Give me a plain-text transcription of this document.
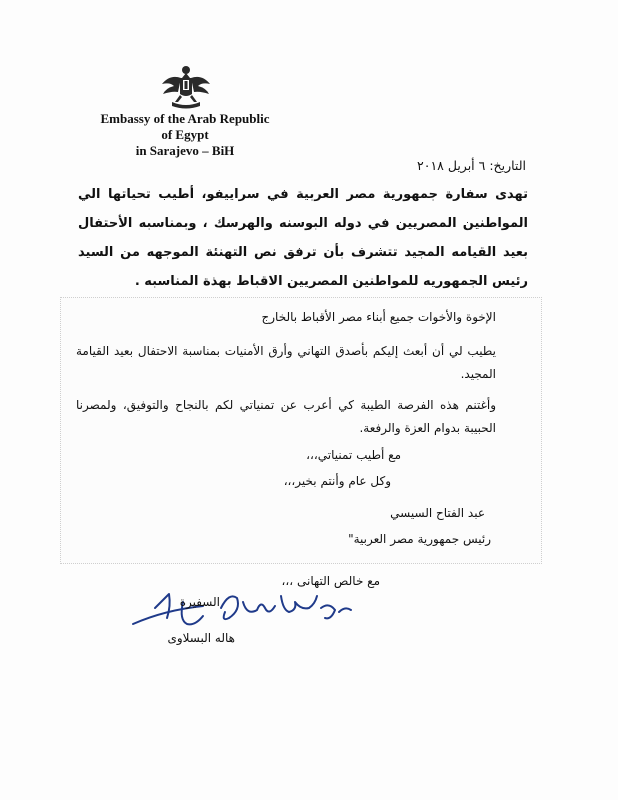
Embassy of the Arab Republic
of Egypt
in Sarajevo – BiH
التاريخ: ٦ أبريل ٢٠١٨

تهدى سفارة جمهورية مصر العربية في سراييفو، أطيب تحياتها الي المواطنين المصريين في دوله البوسنه والهرسك ، وبمناسبه الأحتفال بعيد القيامه المجيد تتشرف بأن ترفق نص التهنئة الموجهه من السيد رئيس الجمهوريه للمواطنين المصريين الاقباط بهذة المناسبه .

الإخوة والأخوات جميع أبناء مصر الأقباط بالخارج
يطيب لي أن أبعث إليكم بأصدق التهاني وأرق الأمنيات بمناسبة الاحتفال بعيد القيامة المجيد.
وأغتنم هذه الفرصة الطيبة كي أعرب عن تمنياتي لكم بالنجاح والتوفيق، ولمصرنا الحبيبة بدوام العزة والرفعة.
مع أطيب تمنياتي،،،
وكل عام وأنتم بخير،،،
عبد الفتاح السيسي
رئيس جمهورية مصر العربية"
مع خالص التهانى ،،،
السفيرة
هاله البسلاوى
